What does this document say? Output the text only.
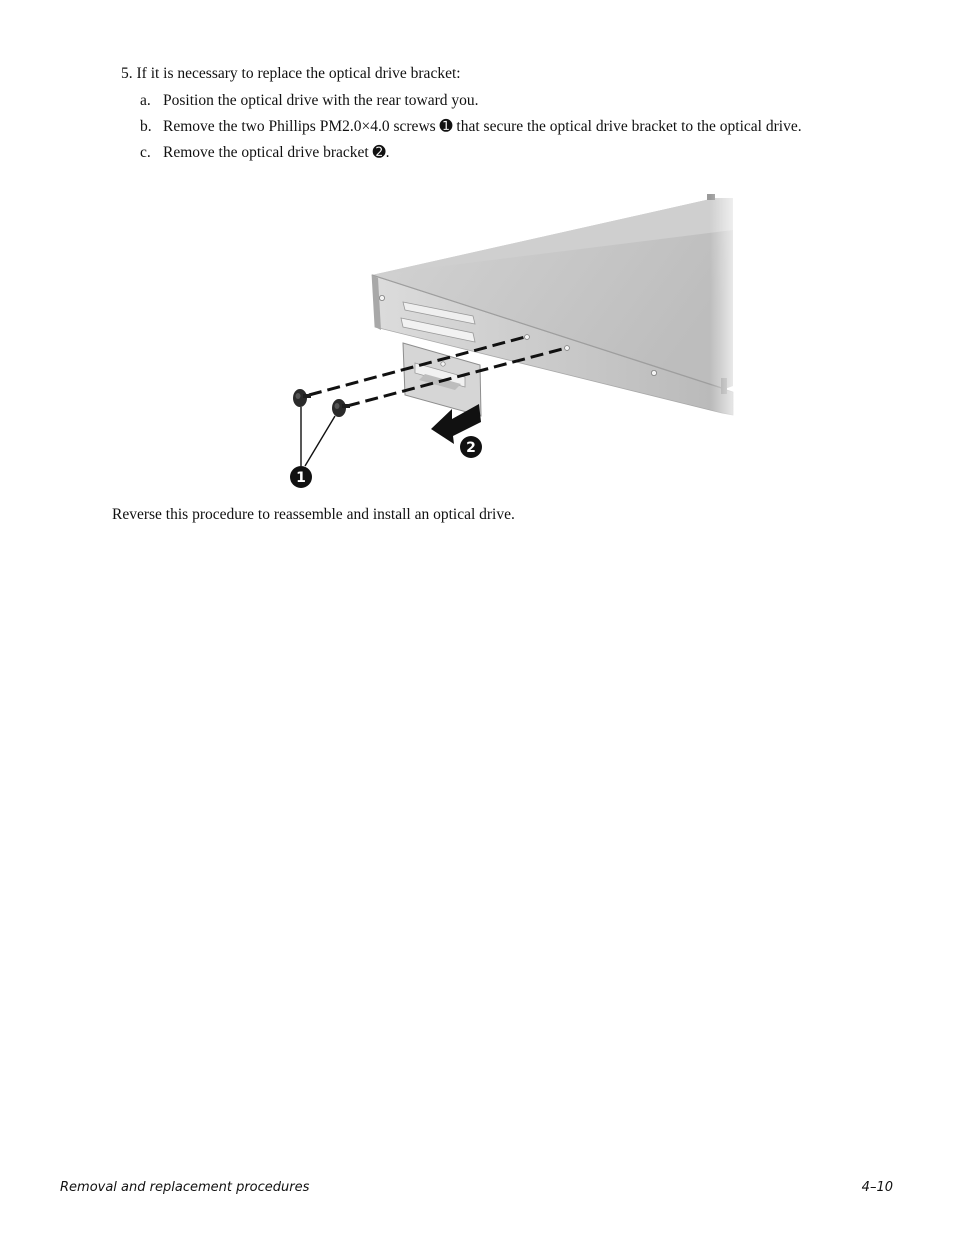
5. If it is necessary to replace the optical drive bracket:
a. Position the optical drive with the rear toward you.
b. Remove the two Phillips PM2.0×4.0 screws ➊ that secure the optical drive bracket to the optical drive.
c. Remove the optical drive bracket ➋.
2
1
Reverse this procedure to reassemble and install an optical drive.
Removal and replacement procedures	4–10
